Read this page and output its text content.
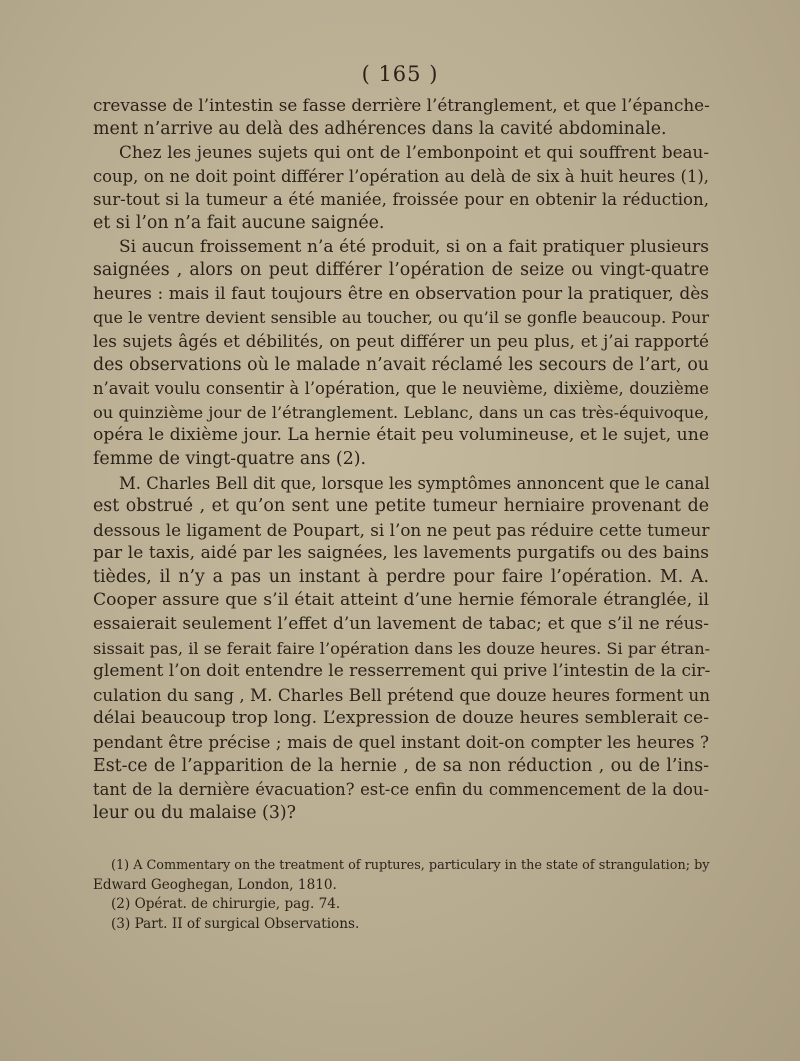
( 165 )
crevasse de l’intestin se fasse derrière l’étranglement, et que l’épanche-
ment n’arrive au delà des adhérences dans la cavité abdominale.
Chez les jeunes sujets qui ont de l’embonpoint et qui souffrent beau-
coup, on ne doit point différer l’opération au delà de six à huit heures (1),
sur-tout si la tumeur a été maniée, froissée pour en obtenir la réduction,
et si l’on n’a fait aucune saignée.
Si aucun froissement n’a été produit, si on a fait pratiquer plusieurs
saignées , alors on peut différer l’opération de seize ou vingt-quatre
heures : mais il faut toujours être en observation pour la pratiquer, dès
que le ventre devient sensible au toucher, ou qu’il se gonfle beaucoup. Pour
les sujets âgés et débilités, on peut différer un peu plus, et j’ai rapporté
des observations où le malade n’avait réclamé les secours de l’art, ou
n’avait voulu consentir à l’opération, que le neuvième, dixième, douzième
ou quinzième jour de l’étranglement. Leblanc, dans un cas très-équivoque,
opéra le dixième jour. La hernie était peu volumineuse, et le sujet, une
femme de vingt-quatre ans (2).
M. Charles Bell dit que, lorsque les symptômes annoncent que le canal
est obstrué , et qu’on sent une petite tumeur herniaire provenant de
dessous le ligament de Poupart, si l’on ne peut pas réduire cette tumeur
par le taxis, aidé par les saignées, les lavements purgatifs ou des bains
tièdes, il n’y a pas un instant à perdre pour faire l’opération. M. A.
Cooper assure que s’il était atteint d’une hernie fémorale étranglée, il
essaierait seulement l’effet d’un lavement de tabac; et que s’il ne réus-
sissait pas, il se ferait faire l’opération dans les douze heures. Si par étran-
glement l’on doit entendre le resserrement qui prive l’intestin de la cir-
culation du sang , M. Charles Bell prétend que douze heures forment un
délai beaucoup trop long. L’expression de douze heures semblerait ce-
pendant être précise ; mais de quel instant doit-on compter les heures ?
Est-ce de l’apparition de la hernie , de sa non réduction , ou de l’ins-
tant de la dernière évacuation? est-ce enfin du commencement de la dou-
leur ou du malaise (3)?
(1) A Commentary on the treatment of ruptures, particulary in the state of strangulation; by
Edward Geoghegan, London, 1810.
(2) Opérat. de chirurgie, pag. 74.
(3) Part. II of surgical Observations.
